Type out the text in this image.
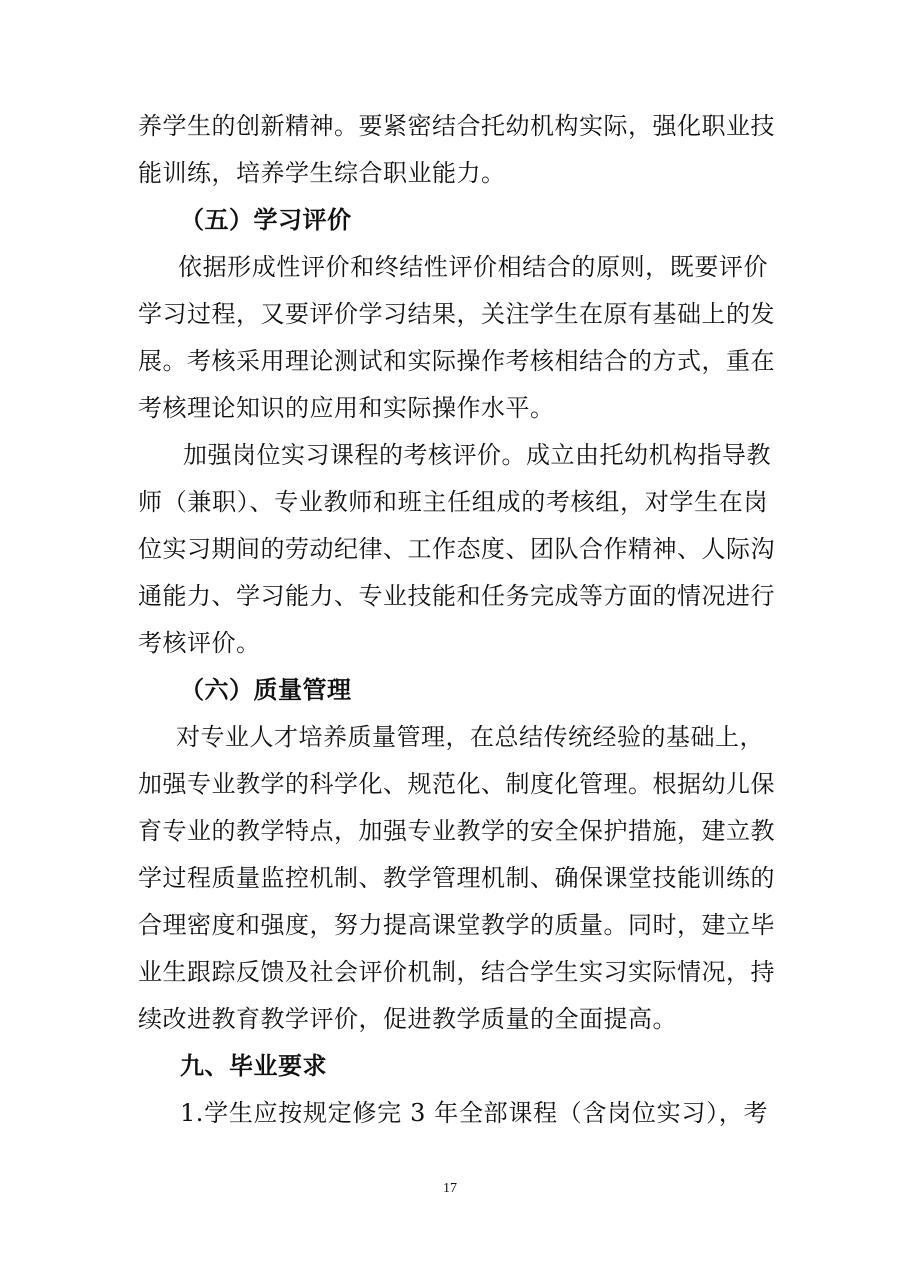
养学生的创新精神。要紧密结合托幼机构实际，强化职业技
能训练，培养学生综合职业能力。
（五）学习评价
依据形成性评价和终结性评价相结合的原则，既要评价
学习过程，又要评价学习结果，关注学生在原有基础上的发
展。考核采用理论测试和实际操作考核相结合的方式，重在
考核理论知识的应用和实际操作水平。
加强岗位实习课程的考核评价。成立由托幼机构指导教
师（兼职）、专业教师和班主任组成的考核组，对学生在岗
位实习期间的劳动纪律、工作态度、团队合作精神、人际沟
通能力、学习能力、专业技能和任务完成等方面的情况进行
考核评价。
（六）质量管理
对专业人才培养质量管理，在总结传统经验的基础上，
加强专业教学的科学化、规范化、制度化管理。根据幼儿保
育专业的教学特点，加强专业教学的安全保护措施，建立教
学过程质量监控机制、教学管理机制、确保课堂技能训练的
合理密度和强度，努力提高课堂教学的质量。同时，建立毕
业生跟踪反馈及社会评价机制，结合学生实习实际情况，持
续改进教育教学评价，促进教学质量的全面提高。
九、毕业要求
1.学生应按规定修完 3 年全部课程（含岗位实习），考
17
